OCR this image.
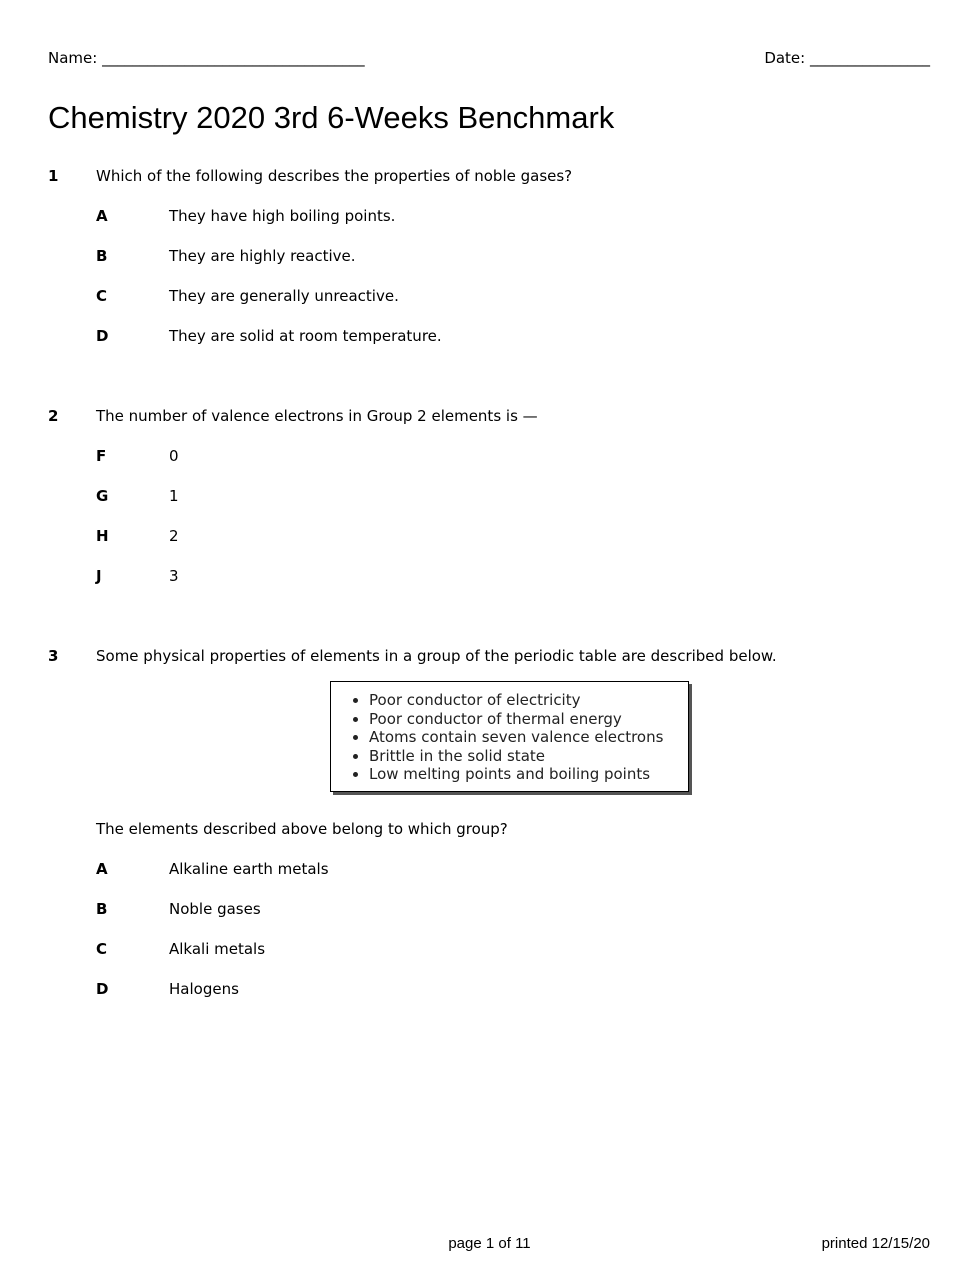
Name: ___________________________________	Date: ________________
Chemistry 2020 3rd 6-Weeks Benchmark
1	Which of the following describes the properties of noble gases?
A	They have high boiling points.
B	They are highly reactive.
C	They are generally unreactive.
D	They are solid at room temperature.
2	The number of valence electrons in Group 2 elements is —
F	0
G	1
H	2
J	3
3	Some physical properties of elements in a group of the periodic table are described below.
• Poor conductor of electricity
• Poor conductor of thermal energy
• Atoms contain seven valence electrons
• Brittle in the solid state
• Low melting points and boiling points
The elements described above belong to which group?
A	Alkaline earth metals
B	Noble gases
C	Alkali metals
D	Halogens
page 1 of 11	printed 12/15/20
